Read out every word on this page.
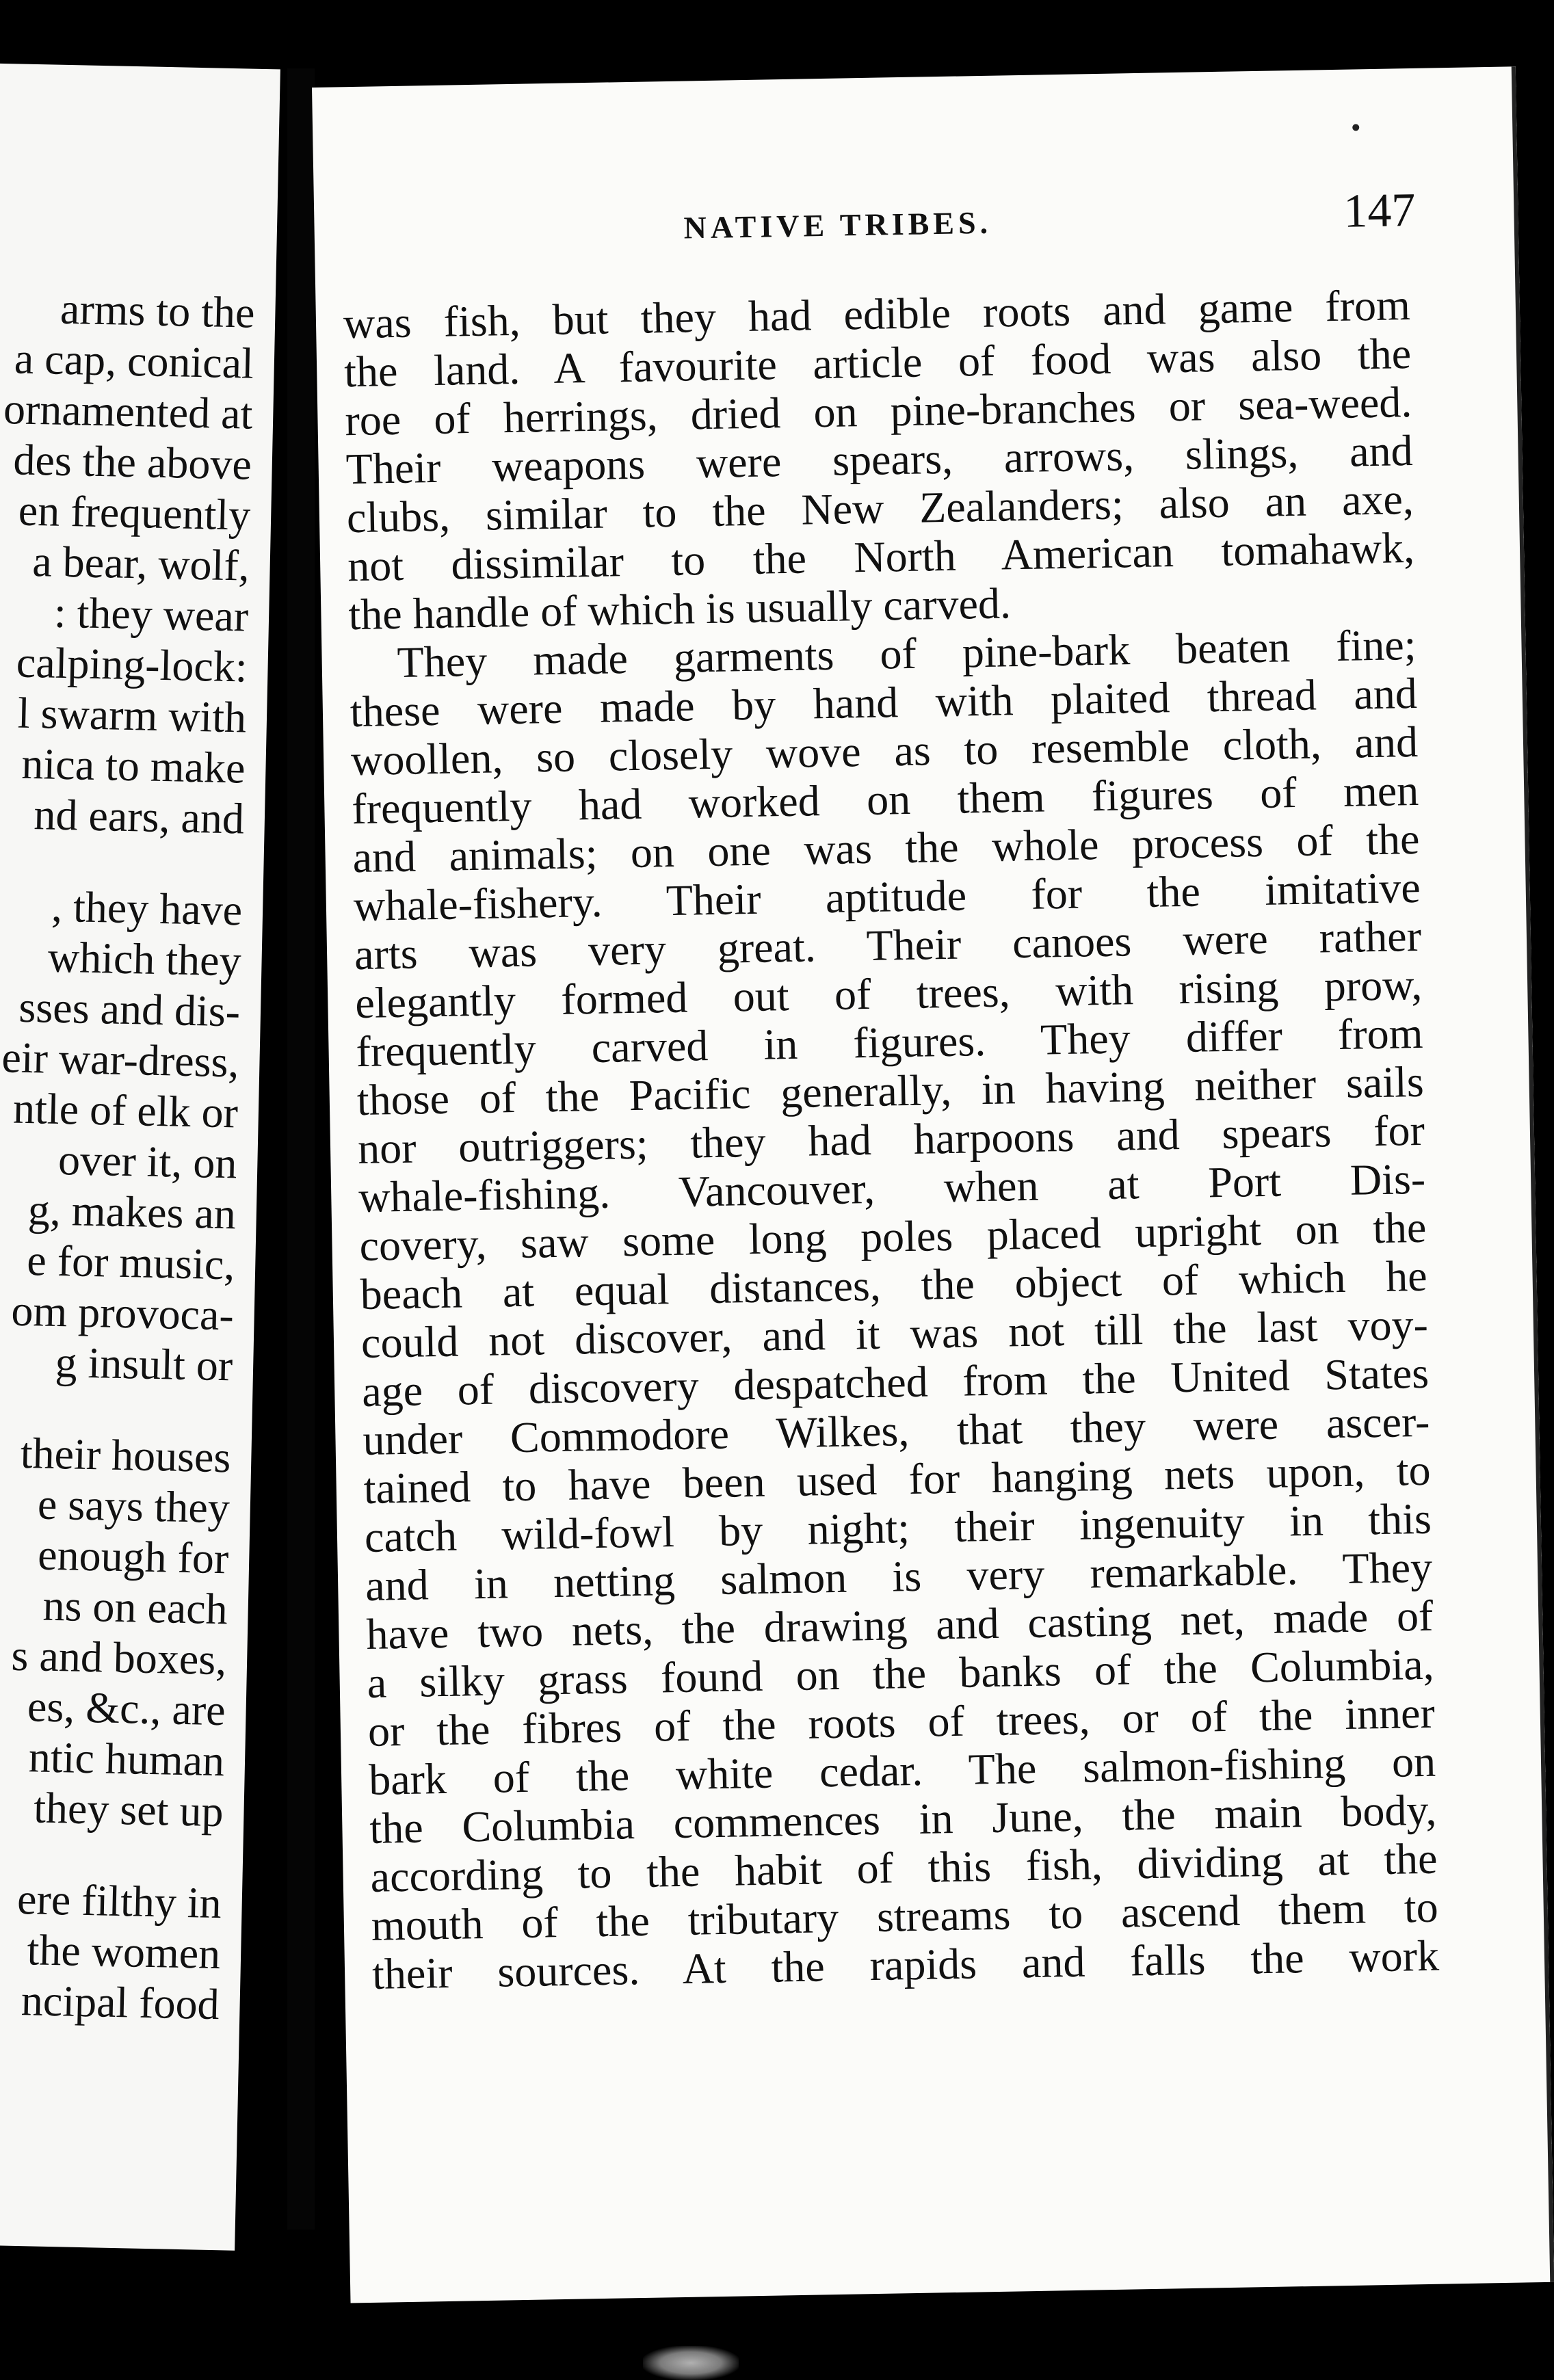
arms to the
a cap, conical
ornamented at
des the above
en frequently
a bear, wolf,
: they wear
calping-lock:
l swarm with
nica to make
nd ears, and
, they have
which they
sses and dis-
eir war-dress,
ntle of elk or
over it, on
g, makes an
e for music,
om provoca-
g insult or
their houses
e says they
enough for
ns on each
s and boxes,
es, &c., are
ntic human
they set up
ere filthy in
the women
ncipal food
NATIVE TRIBES.	147
was fish, but they had edible roots and game from
the land. A favourite article of food was also the
roe of herrings, dried on pine-branches or sea-weed.
Their weapons were spears, arrows, slings, and
clubs, similar to the New Zealanders; also an axe,
not dissimilar to the North American tomahawk,
the handle of which is usually carved.
They made garments of pine-bark beaten fine;
these were made by hand with plaited thread and
woollen, so closely wove as to resemble cloth, and
frequently had worked on them figures of men
and animals; on one was the whole process of the
whale-fishery. Their aptitude for the imitative
arts was very great. Their canoes were rather
elegantly formed out of trees, with rising prow,
frequently carved in figures. They differ from
those of the Pacific generally, in having neither sails
nor outriggers; they had harpoons and spears for
whale-fishing. Vancouver, when at Port Dis-
covery, saw some long poles placed upright on the
beach at equal distances, the object of which he
could not discover, and it was not till the last voy-
age of discovery despatched from the United States
under Commodore Wilkes, that they were ascer-
tained to have been used for hanging nets upon, to
catch wild-fowl by night; their ingenuity in this
and in netting salmon is very remarkable. They
have two nets, the drawing and casting net, made of
a silky grass found on the banks of the Columbia,
or the fibres of the roots of trees, or of the inner
bark of the white cedar. The salmon-fishing on
the Columbia commences in June, the main body,
according to the habit of this fish, dividing at the
mouth of the tributary streams to ascend them to
their sources. At the rapids and falls the work
